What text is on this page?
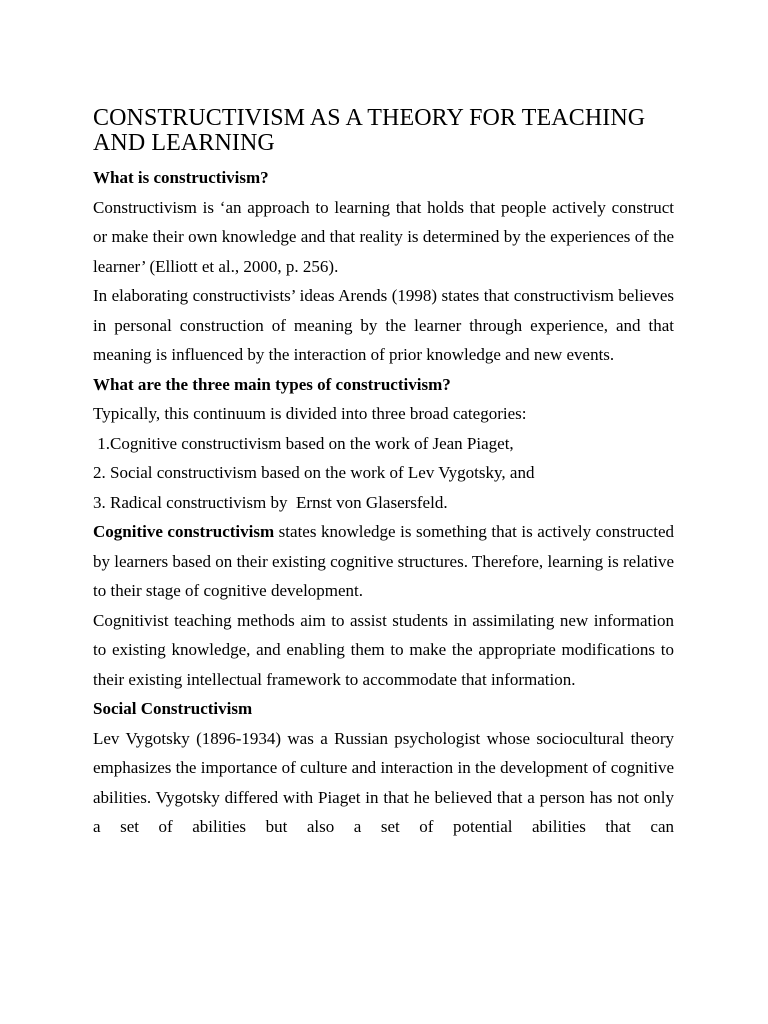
CONSTRUCTIVISM AS A THEORY FOR TEACHING AND LEARNING
What is constructivism?

Constructivism is ‘an approach to learning that holds that people actively construct or make their own knowledge and that reality is determined by the experiences of the learner’ (Elliott et al., 2000, p. 256).

In elaborating constructivists’ ideas Arends (1998) states that constructivism believes in personal construction of meaning by the learner through experience, and that meaning is influenced by the interaction of prior knowledge and new events.

What are the three main types of constructivism?

Typically, this continuum is divided into three broad categories:

1.Cognitive constructivism based on the work of Jean Piaget,
2. Social constructivism based on the work of Lev Vygotsky, and
3. Radical constructivism by  Ernst von Glasersfeld.

Cognitive constructivism states knowledge is something that is actively constructed by learners based on their existing cognitive structures. Therefore, learning is relative to their stage of cognitive development.

Cognitivist teaching methods aim to assist students in assimilating new information to existing knowledge, and enabling them to make the appropriate modifications to their existing intellectual framework to accommodate that information.

Social Constructivism

Lev Vygotsky (1896-1934) was a Russian psychologist whose sociocultural theory emphasizes the importance of culture and interaction in the development of cognitive abilities. Vygotsky differed with Piaget in that he believed that a person has not only a set of abilities but also a set of potential abilities that can
